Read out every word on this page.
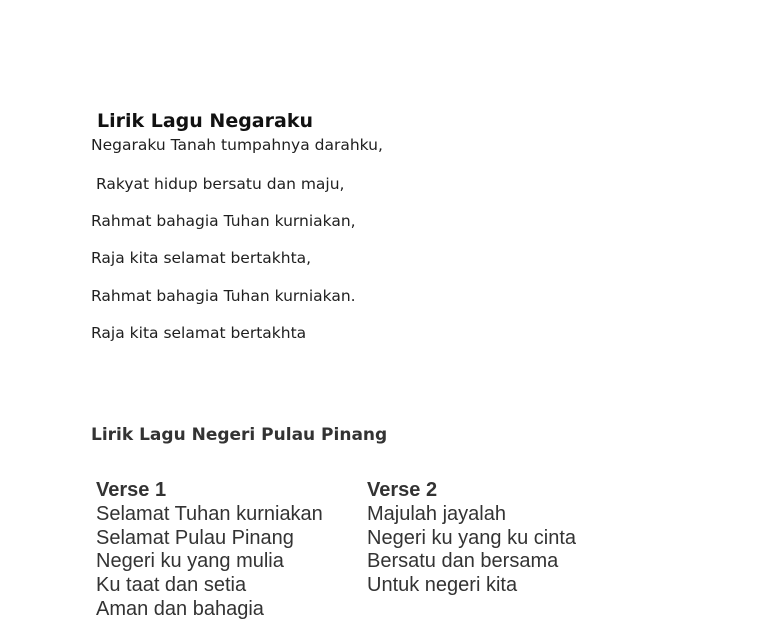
Lirik Lagu Negaraku
Negaraku Tanah tumpahnya darahku,
Rakyat hidup bersatu dan maju,
Rahmat bahagia Tuhan kurniakan,
Raja kita selamat bertakhta,
Rahmat bahagia Tuhan kurniakan.
Raja kita selamat bertakhta
Lirik Lagu Negeri Pulau Pinang
Verse 1
Selamat Tuhan kurniakan
Selamat Pulau Pinang
Negeri ku yang mulia
Ku taat dan setia
Aman dan bahagia
Verse 2
Majulah jayalah
Negeri ku yang ku cinta
Bersatu dan bersama
Untuk negeri kita
